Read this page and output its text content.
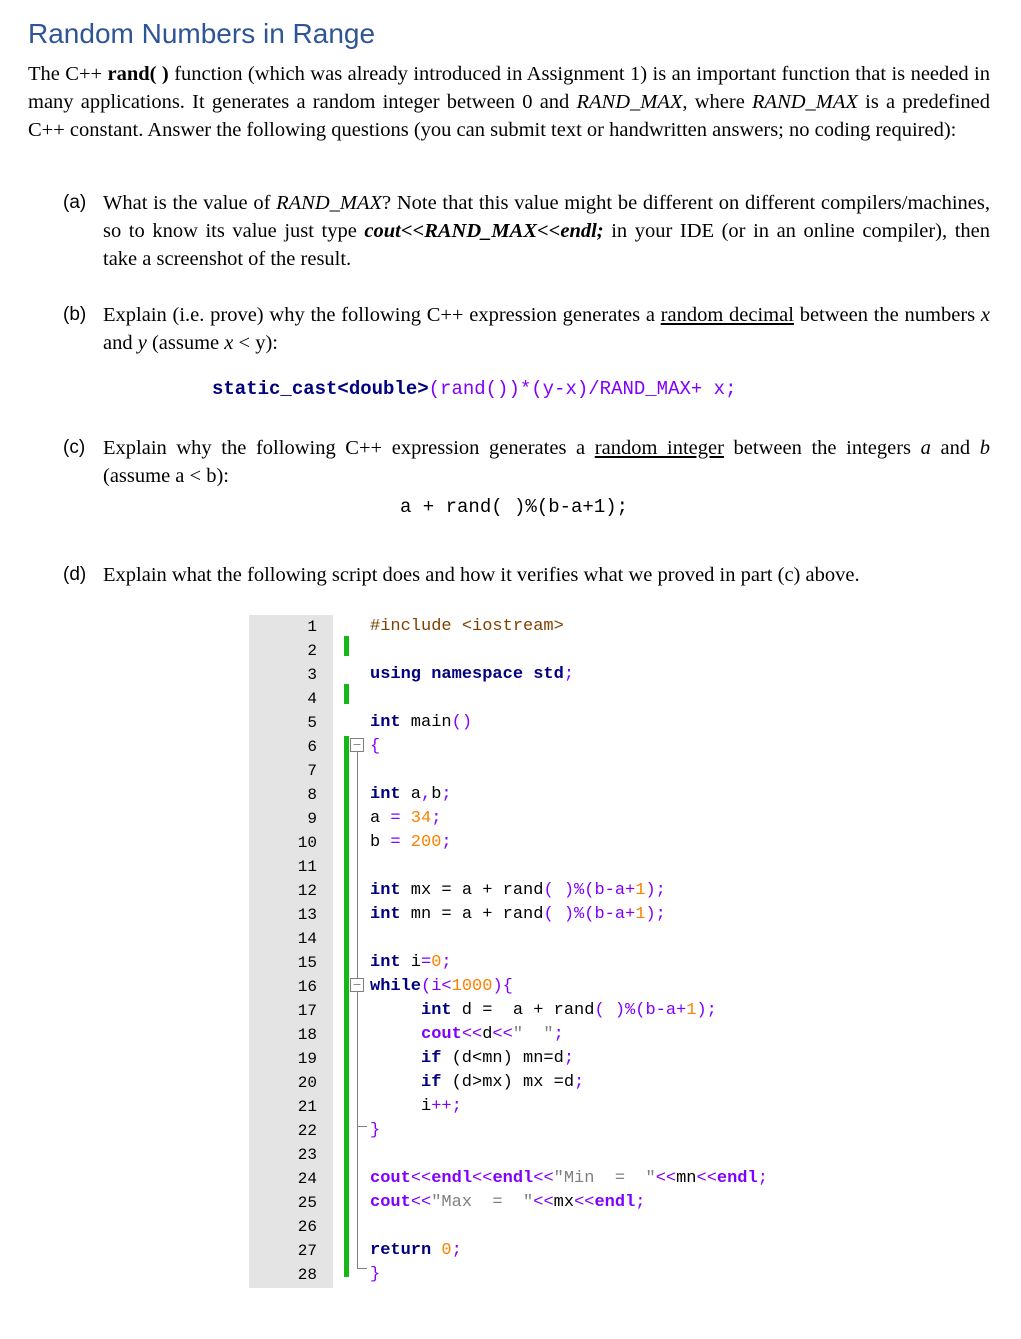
Random Numbers in Range

The C++ rand( ) function (which was already introduced in Assignment 1) is an important function that is needed in many applications. It generates a random integer between 0 and RAND_MAX, where RAND_MAX is a predefined C++ constant. Answer the following questions (you can submit text or handwritten answers; no coding required):

(a) What is the value of RAND_MAX? Note that this value might be different on different compilers/machines, so to know its value just type cout<<RAND_MAX<<endl; in your IDE (or in an online compiler), then take a screenshot of the result.
(b) Explain (i.e. prove) why the following C++ expression generates a random decimal between the numbers x and y (assume x < y):
static_cast<double>(rand())*(y-x)/RAND_MAX+ x;
(c) Explain why the following C++ expression generates a random integer between the integers a and b (assume a < b):
a + rand( )%(b-a+1);
(d) Explain what the following script does and how it verifies what we proved in part (c) above.
1
2
3
4
5
6
7
8
9
10
11
12
13
14
15
16
17
18
19
20
21
22
23
24
25
26
27
28
−
−
#include <iostream>
using namespace std;
int main()
{
int a,b;
a = 34;
b = 200;
int mx = a + rand( )%(b-a+1);
int mn = a + rand( )%(b-a+1);
int i=0;
while(i<1000){
int d =  a + rand( )%(b-a+1);
cout<<d<<"  ";
if (d<mn) mn=d;
if (d>mx) mx =d;
i++;
}
cout<<endl<<endl<<"Min  =  "<<mn<<endl;
cout<<"Max  =  "<<mx<<endl;
return 0;
}
